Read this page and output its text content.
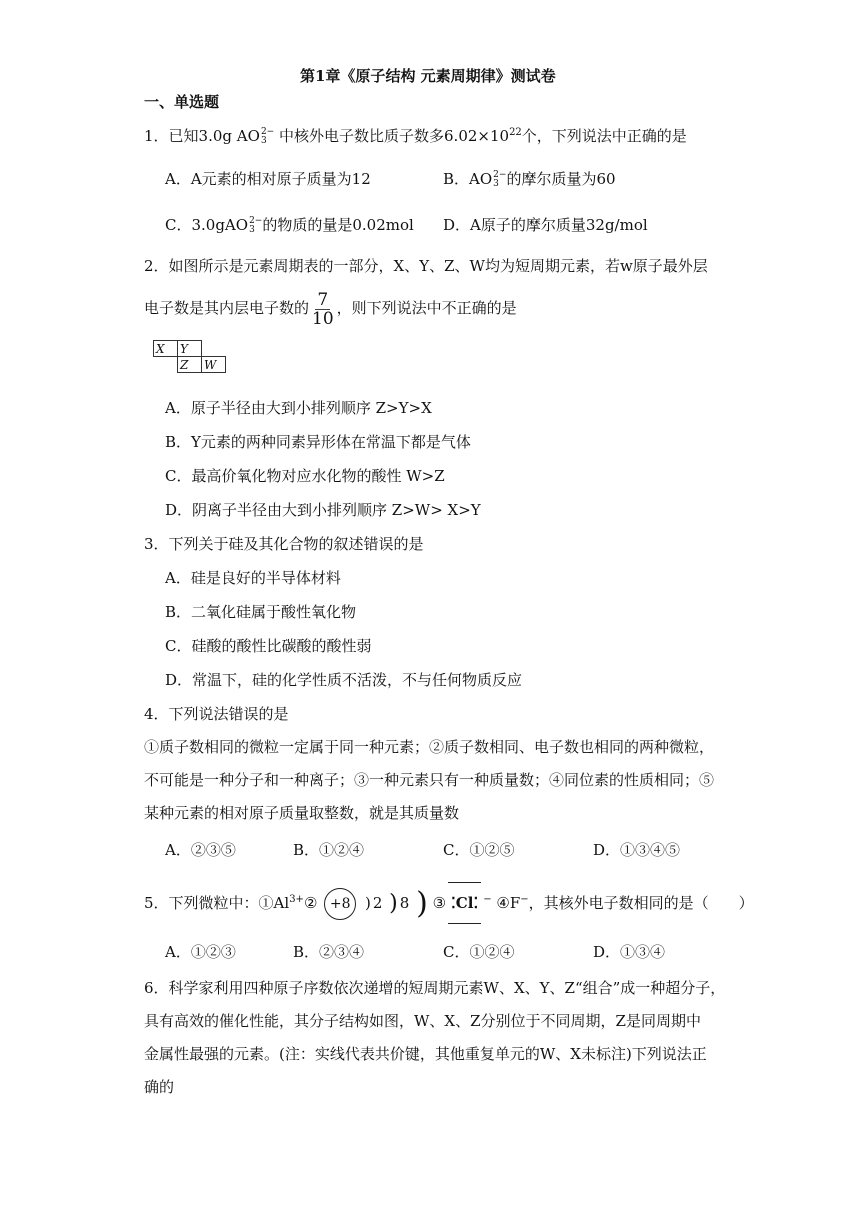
第1章《原子结构 元素周期律》测试卷
一、单选题
1．已知3.0g AO 2−
3 中核外电子数比质子数多$6.02\times 10^{22}$个，下列说法中正确的是
A．A元素的相对原子质量为12	B．AO 2−
3 的摩尔质量为60
C．3.0gAO 2−
3 的物质的量是0.02mol D．A原子的摩尔质量32g/mol
2．如图所示是元素周期表的一部分，X、Y、Z、W均为短周期元素，若w原子最外层
电子数是其内层电子数的 $\frac{7}{10}$ ，则下列说法中不正确的是
X	Y	
	Z	W
A．原子半径由大到小排列顺序 Z>Y>X
B．Y元素的两种同素异形体在常温下都是气体
C．最高价氧化物对应水化物的酸性 W>Z
D．阴离子半径由大到小排列顺序 Z>W> X>Y
3．下列关于硅及其化合物的叙述错误的是
A．硅是良好的半导体材料
B．二氧化硅属于酸性氧化物
C．硅酸的酸性比碳酸的酸性弱
D．常温下，硅的化学性质不活泼，不与任何物质反应
4．下列说法错误的是
①质子数相同的微粒一定属于同一种元素；②质子数相同、电子数也相同的两种微粒，
不可能是一种分子和一种离子；③一种元素只有一种质量数；④同位素的性质相同；⑤
某种元素的相对原子质量取整数，就是其质量数
A．②③⑤	B．①②④	C．①②⑤	D．①③④⑤
5．下列微粒中：$①Al^{3+}② +8$ ) 2 ) 8 ) ③ ⁚Cl⁚ − ④F−，其核外电子数相同的是（　　）
A．①②③	B．②③④	C．①②④	D．①③④
6．科学家利用四种原子序数依次递增的短周期元素W、X、Y、Z“组合”成一种超分子，
具有高效的催化性能，其分子结构如图，W、X、Z分别位于不同周期，Z是同周期中
金属性最强的元素。(注：实线代表共价键，其他重复单元的W、X未标注)下列说法正
确的
